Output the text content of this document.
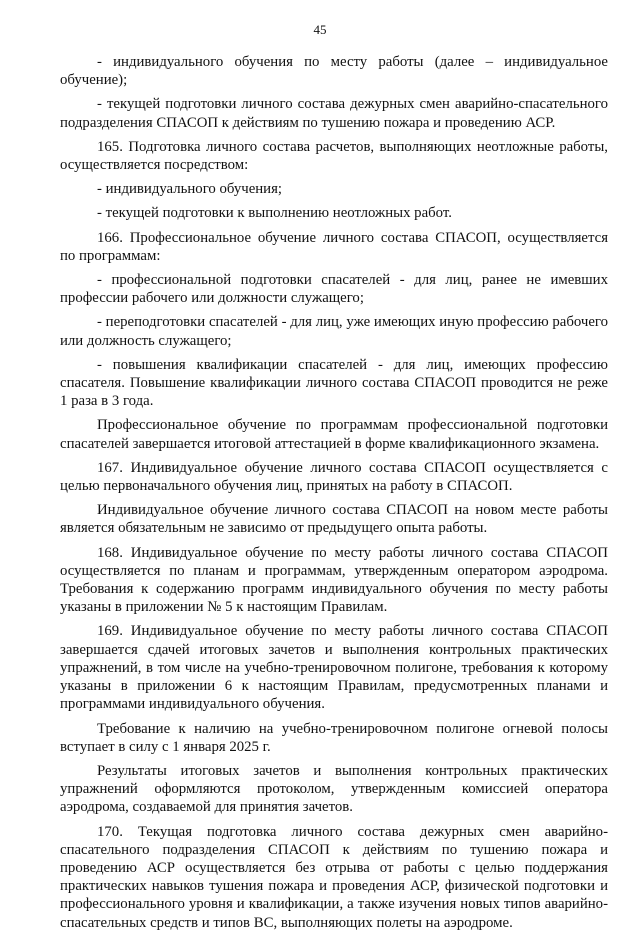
45

- индивидуального обучения по месту работы (далее – индивидуальное обучение);

- текущей подготовки личного состава дежурных смен аварийно-спасательного подразделения СПАСОП к действиям по тушению пожара и проведению АСР.

165. Подготовка личного состава расчетов, выполняющих неотложные работы, осуществляется посредством:

- индивидуального обучения;

- текущей подготовки к выполнению неотложных работ.

166. Профессиональное обучение личного состава СПАСОП, осуществляется по программам:

- профессиональной подготовки спасателей - для лиц, ранее не имевших профессии рабочего или должности служащего;

- переподготовки спасателей - для лиц, уже имеющих иную профессию рабочего или должность служащего;

- повышения квалификации спасателей - для лиц, имеющих профессию спасателя. Повышение квалификации личного состава СПАСОП проводится не реже 1 раза в 3 года.

Профессиональное обучение по программам профессиональной подготовки спасателей завершается итоговой аттестацией в форме квалификационного экзамена.

167. Индивидуальное обучение личного состава СПАСОП осуществляется с целью первоначального обучения лиц, принятых на работу в СПАСОП.

Индивидуальное обучение личного состава СПАСОП на новом месте работы является обязательным не зависимо от предыдущего опыта работы.

168. Индивидуальное обучение по месту работы личного состава СПАСОП осуществляется по планам и программам, утвержденным оператором аэродрома. Требования к содержанию программ индивидуального обучения по месту работы указаны в приложении № 5 к настоящим Правилам.

169. Индивидуальное обучение по месту работы личного состава СПАСОП завершается сдачей итоговых зачетов и выполнения контрольных практических упражнений, в том числе на учебно-тренировочном полигоне, требования к которому указаны в приложении 6 к настоящим Правилам, предусмотренных планами и программами индивидуального обучения.

Требование к наличию на учебно-тренировочном полигоне огневой полосы вступает в силу с 1 января 2025 г.

Результаты итоговых зачетов и выполнения контрольных практических упражнений оформляются протоколом, утвержденным комиссией оператора аэродрома, создаваемой для принятия зачетов.

170. Текущая подготовка личного состава дежурных смен аварийно-спасательного подразделения СПАСОП к действиям по тушению пожара и проведению АСР осуществляется без отрыва от работы с целью поддержания практических навыков тушения пожара и проведения АСР, физической подготовки и профессионального уровня и квалификации, а также изучения новых типов аварийно-спасательных средств и типов ВС, выполняющих полеты на аэродроме.
